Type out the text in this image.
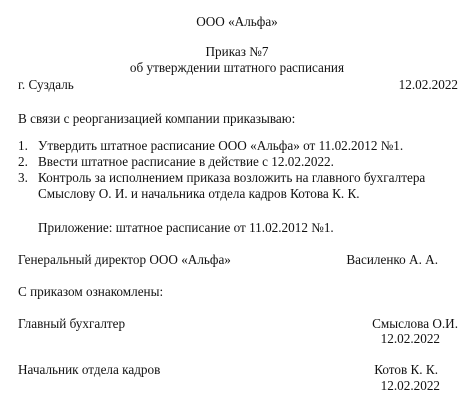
ООО «Альфа»
Приказ №7
об утверждении штатного расписания
г. Суздаль	12.02.2022
В связи с реорганизацией компании приказываю:
1. Утвердить штатное расписание ООО «Альфа» от 11.02.2012 №1.
2. Ввести штатное расписание в действие с 12.02.2022.
3. Контроль за исполнением приказа возложить на главного бухгалтера
Смыслову О. И. и начальника отдела кадров Котова К. К.
Приложение: штатное расписание от 11.02.2012 №1.
Генеральный директор ООО «Альфа»	Василенко А. А.
С приказом ознакомлены:
Главный бухгалтер	Смыслова О.И.
12.02.2022
Начальник отдела кадров	Котов К. К.
12.02.2022
